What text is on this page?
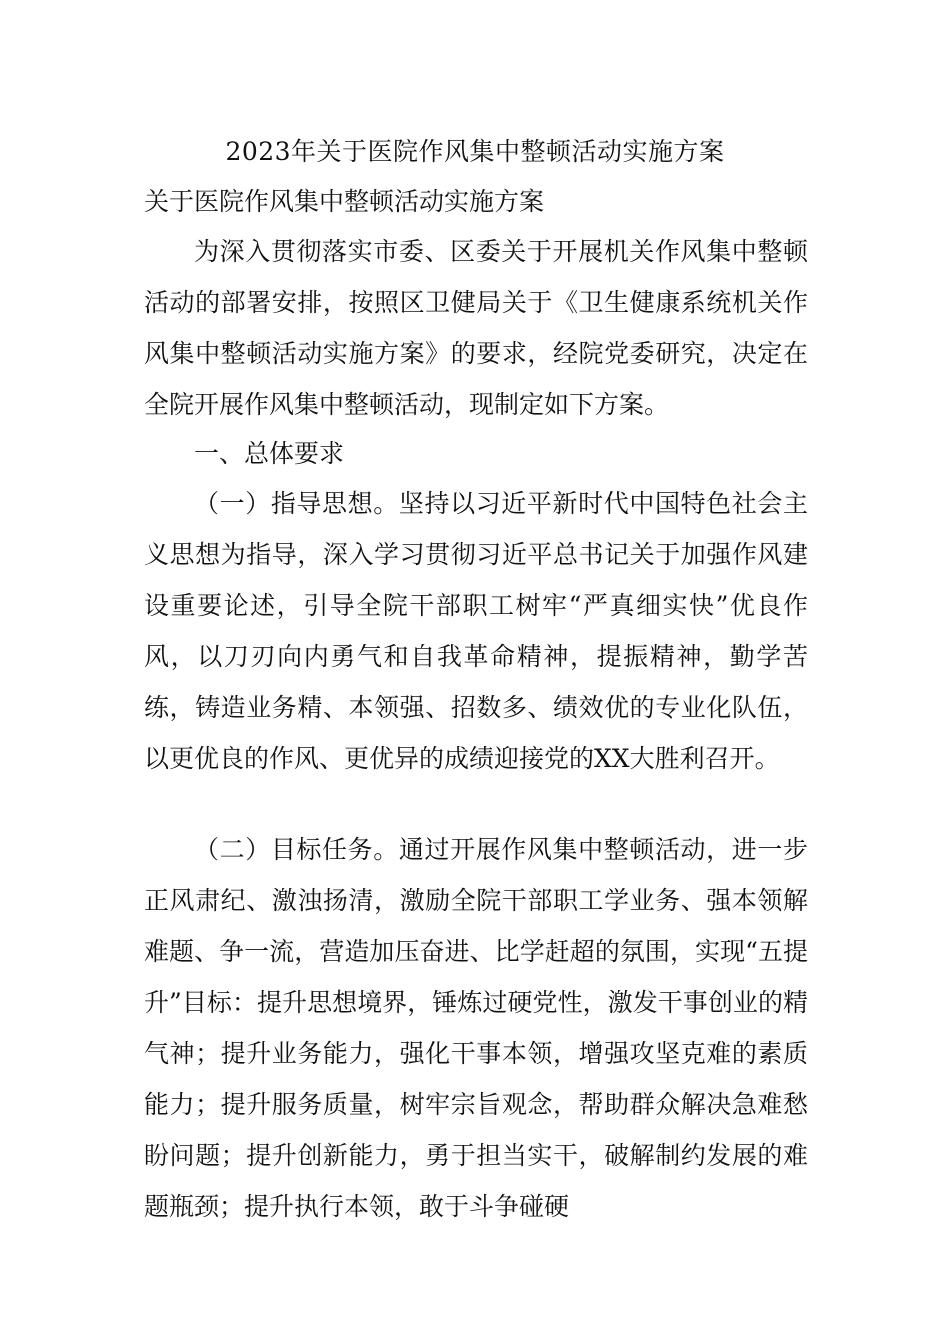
2023年关于医院作风集中整顿活动实施方案
关于医院作风集中整顿活动实施方案

为深入贯彻落实市委、区委关于开展机关作风集中整顿活动的部署安排，按照区卫健局关于《卫生健康系统机关作风集中整顿活动实施方案》的要求，经院党委研究，决定在全院开展作风集中整顿活动，现制定如下方案。

一、总体要求

（一）指导思想。坚持以习近平新时代中国特色社会主义思想为指导，深入学习贯彻习近平总书记关于加强作风建设重要论述，引导全院干部职工树牢“严真细实快”优良作风，以刀刃向内勇气和自我革命精神，提振精神，勤学苦练，铸造业务精、本领强、招数多、绩效优的专业化队伍，以更优良的作风、更优异的成绩迎接党的XX大胜利召开。

（二）目标任务。通过开展作风集中整顿活动，进一步正风肃纪、激浊扬清，激励全院干部职工学业务、强本领解难题、争一流，营造加压奋进、比学赶超的氛围，实现“五提升”目标：提升思想境界，锤炼过硬党性，激发干事创业的精气神；提升业务能力，强化干事本领，增强攻坚克难的素质能力；提升服务质量，树牢宗旨观念，帮助群众解决急难愁盼问题；提升创新能力，勇于担当实干，破解制约发展的难题瓶颈；提升执行本领，敢于斗争碰硬
